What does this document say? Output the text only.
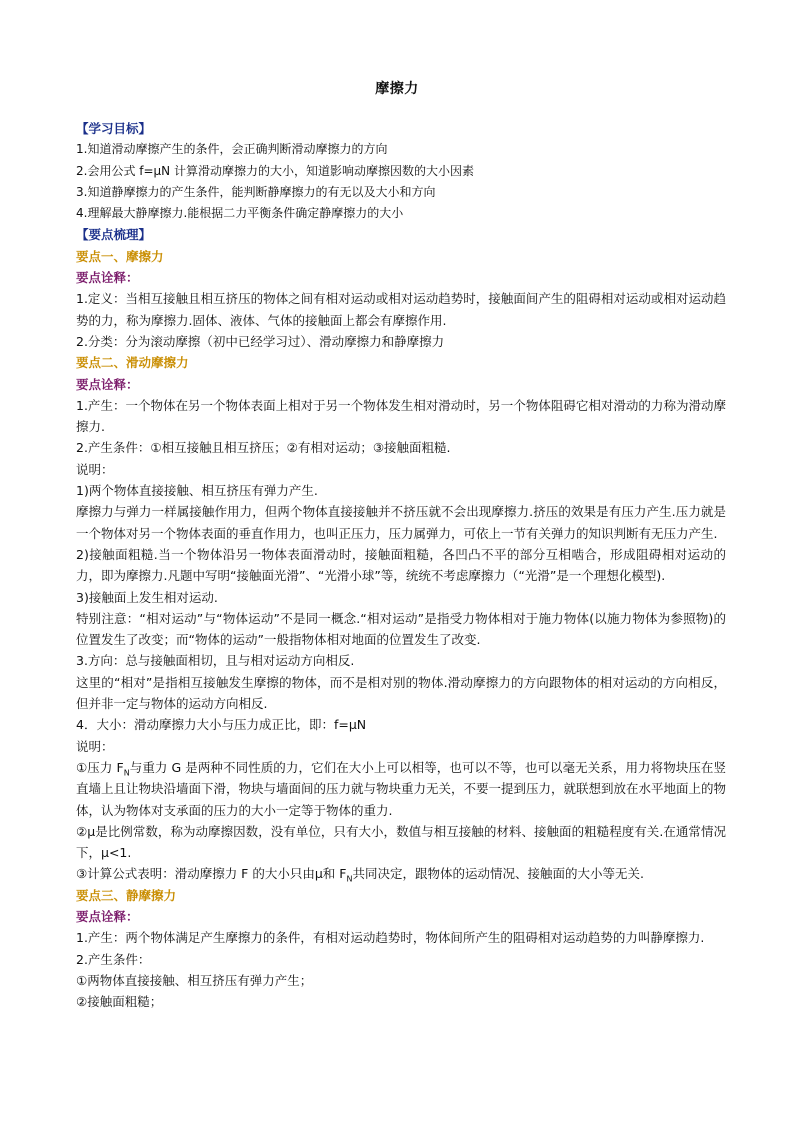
摩擦力
【学习目标】
1.知道滑动摩擦产生的条件，会正确判断滑动摩擦力的方向
2.会用公式 f=μN 计算滑动摩擦力的大小，知道影响动摩擦因数的大小因素
3.知道静摩擦力的产生条件，能判断静摩擦力的有无以及大小和方向
4.理解最大静摩擦力.能根据二力平衡条件确定静摩擦力的大小
【要点梳理】
要点一、摩擦力
要点诠释：
1.定义：当相互接触且相互挤压的物体之间有相对运动或相对运动趋势时，接触面间产生的阻碍相对运动或相对运动趋势的力，称为摩擦力.固体、液体、气体的接触面上都会有摩擦作用.
2.分类：分为滚动摩擦（初中已经学习过）、滑动摩擦力和静摩擦力
要点二、滑动摩擦力
要点诠释：
1.产生：一个物体在另一个物体表面上相对于另一个物体发生相对滑动时，另一个物体阻碍它相对滑动的力称为滑动摩擦力.
2.产生条件：①相互接触且相互挤压；②有相对运动；③接触面粗糙.
说明：
1)两个物体直接接触、相互挤压有弹力产生.
摩擦力与弹力一样属接触作用力，但两个物体直接接触并不挤压就不会出现摩擦力.挤压的效果是有压力产生.压力就是一个物体对另一个物体表面的垂直作用力，也叫正压力，压力属弹力，可依上一节有关弹力的知识判断有无压力产生.
2)接触面粗糙.当一个物体沿另一物体表面滑动时，接触面粗糙，各凹凸不平的部分互相啮合，形成阻碍相对运动的力，即为摩擦力.凡题中写明“接触面光滑”、“光滑小球”等，统统不考虑摩擦力（“光滑”是一个理想化模型).
3)接触面上发生相对运动.
特别注意：“相对运动”与“物体运动”不是同一概念.“相对运动”是指受力物体相对于施力物体(以施力物体为参照物)的位置发生了改变；而“物体的运动”一般指物体相对地面的位置发生了改变.
3.方向：总与接触面相切，且与相对运动方向相反.
这里的“相对”是指相互接触发生摩擦的物体，而不是相对别的物体.滑动摩擦力的方向跟物体的相对运动的方向相反，但并非一定与物体的运动方向相反.
4．大小：滑动摩擦力大小与压力成正比，即：f=μN
说明：
①压力 $F_N$与重力 G 是两种不同性质的力，它们在大小上可以相等，也可以不等，也可以毫无关系，用力将物块压在竖直墙上且让物块沿墙面下滑，物块与墙面间的压力就与物块重力无关，不要一提到压力，就联想到放在水平地面上的物体，认为物体对支承面的压力的大小一定等于物体的重力.
②μ是比例常数，称为动摩擦因数，没有单位，只有大小，数值与相互接触的材料、接触面的粗糙程度有关.在通常情况下，μ<1.
③计算公式表明：滑动摩擦力 F 的大小只由μ和 $F_N$共同决定，跟物体的运动情况、接触面的大小等无关.
要点三、静摩擦力
要点诠释：
1.产生：两个物体满足产生摩擦力的条件，有相对运动趋势时，物体间所产生的阻碍相对运动趋势的力叫静摩擦力.
2.产生条件：
①两物体直接接触、相互挤压有弹力产生；
②接触面粗糙；
